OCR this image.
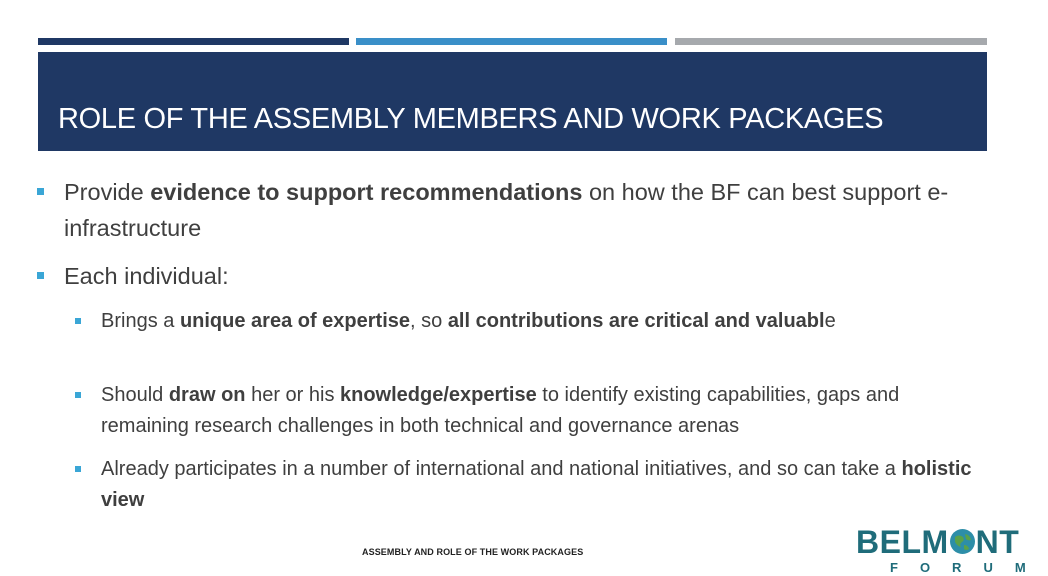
ROLE OF THE ASSEMBLY MEMBERS AND WORK PACKAGES
Provide evidence to support recommendations on how the BF can best support e-infrastructure
Each individual:
Brings a unique area of expertise, so all contributions are critical and valuable
Should draw on her or his knowledge/expertise to identify existing capabilities, gaps and remaining research challenges in both technical and governance arenas
Already participates in a number of international and national initiatives, and so can take a holistic view
ASSEMBLY AND ROLE OF THE WORK PACKAGES	BELM NT
FORUM
